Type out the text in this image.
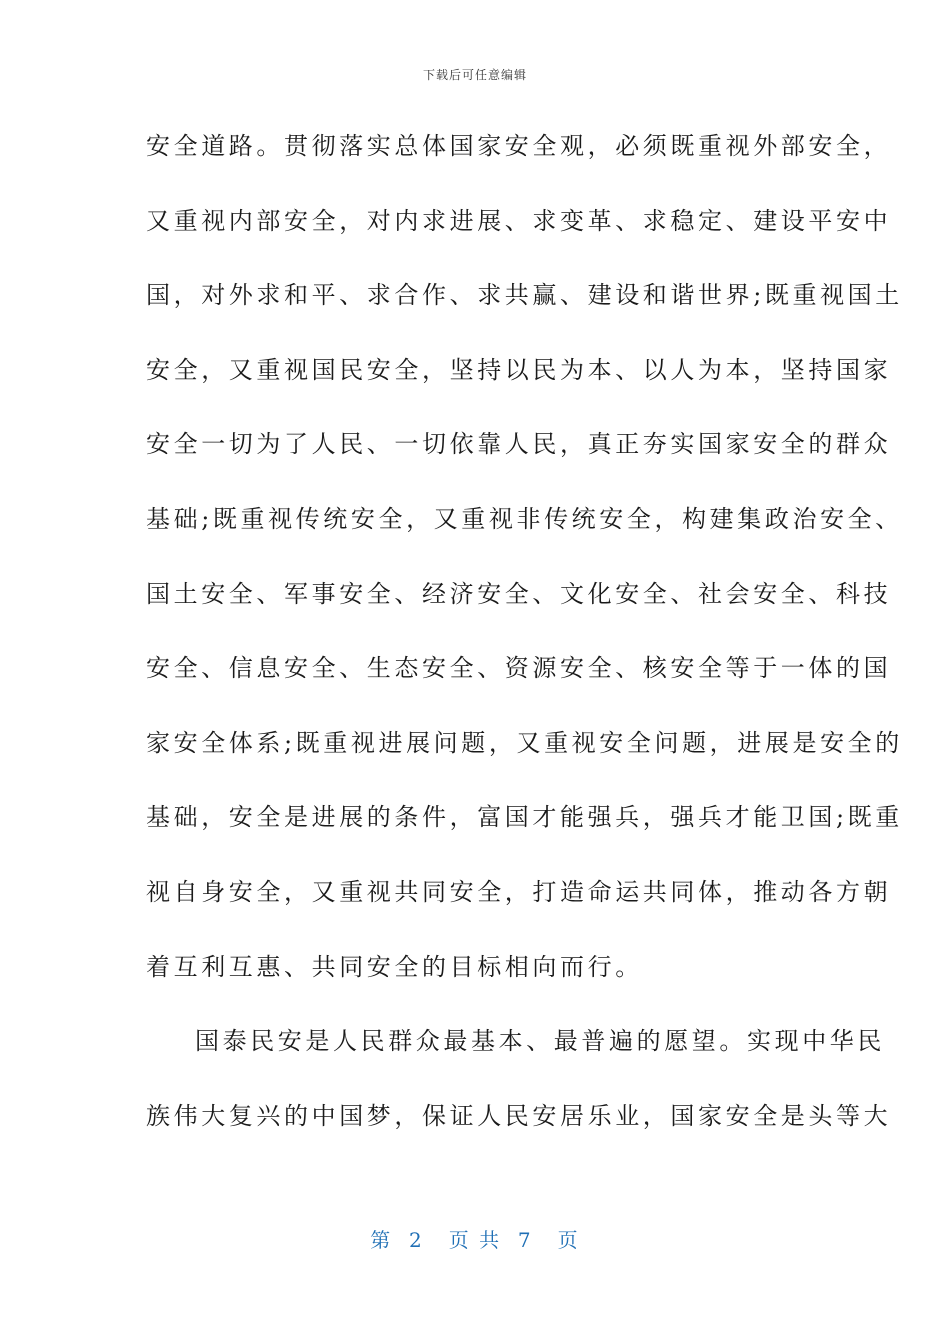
下载后可任意编辑
安全道路。贯彻落实总体国家安全观，必须既重视外部安全，
又重视内部安全，对内求进展、求变革、求稳定、建设平安中
国，对外求和平、求合作、求共赢、建设和谐世界;既重视国土
安全，又重视国民安全，坚持以民为本、以人为本，坚持国家
安全一切为了人民、一切依靠人民，真正夯实国家安全的群众
基础;既重视传统安全，又重视非传统安全，构建集政治安全、
国土安全、军事安全、经济安全、文化安全、社会安全、科技
安全、信息安全、生态安全、资源安全、核安全等于一体的国
家安全体系;既重视进展问题，又重视安全问题，进展是安全的
基础，安全是进展的条件，富国才能强兵，强兵才能卫国;既重
视自身安全，又重视共同安全，打造命运共同体，推动各方朝
着互利互惠、共同安全的目标相向而行。
国泰民安是人民群众最基本、最普遍的愿望。实现中华民
族伟大复兴的中国梦，保证人民安居乐业，国家安全是头等大
第  2   页 共  7   页
